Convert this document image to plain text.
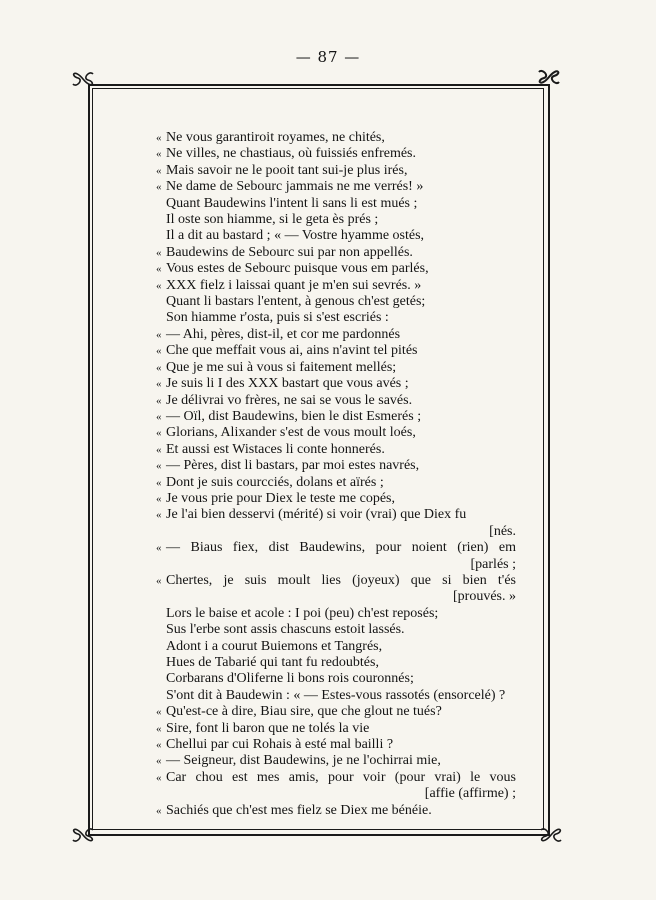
— 87 —
« Ne vous garantiroit royames, ne chités,
« Ne villes, ne chastiaus, où fuissiés enfremés.
« Mais savoir ne le pooit tant sui-je plus irés,
« Ne dame de Sebourc jammais ne me verrés! »
Quant Baudewins l'intent li sans li est mués ;
Il oste son hiamme, si le geta ès prés ;
Il a dit au bastard ; « — Vostre hyamme ostés,
« Baudewins de Sebourc sui par non appellés.
« Vous estes de Sebourc puisque vous em parlés,
« XXX fielz i laissai quant je m'en sui sevrés. »
Quant li bastars l'entent, à genous ch'est getés;
Son hiamme r'osta, puis si s'est escriés :
« — Ahi, pères, dist-il, et cor me pardonnés
« Che que meffait vous ai, ains n'avint tel pités
« Que je me sui à vous si faitement mellés;
« Je suis li I des XXX bastart que vous avés ;
« Je délivrai vo frères, ne sai se vous le savés.
« — Oïl, dist Baudewins, bien le dist Esmerés ;
« Glorians, Alixander s'est de vous moult loés,
« Et aussi est Wistaces li conte honnerés.
« — Pères, dist li bastars, par moi estes navrés,
« Dont je suis courcciés, dolans et aïrés ;
« Je vous prie pour Diex le teste me copés,
« Je l'ai bien desservi (mérité) si voir (vrai) que Diex fu
[nés.
« — Biaus fiex, dist Baudewins, pour noient (rien) em
[parlés ;
« Chertes, je suis moult lies (joyeux) que si bien t'és
[prouvés. »
Lors le baise et acole : I poi (peu) ch'est reposés;
Sus l'erbe sont assis chascuns estoit lassés.
Adont i a courut Buiemons et Tangrés,
Hues de Tabarié qui tant fu redoubtés,
Corbarans d'Oliferne li bons rois couronnés;
S'ont dit à Baudewin : « — Estes-vous rassotés (ensorcelé) ?
« Qu'est-ce à dire, Biau sire, que che glout ne tués?
« Sire, font li baron que ne tolés la vie
« Chellui par cui Rohais à esté mal bailli ?
« — Seigneur, dist Baudewins, je ne l'ochirrai mie,
« Car chou est mes amis, pour voir (pour vrai) le vous
[affie (affirme) ;
« Sachiés que ch'est mes fielz se Diex me bénéie.
